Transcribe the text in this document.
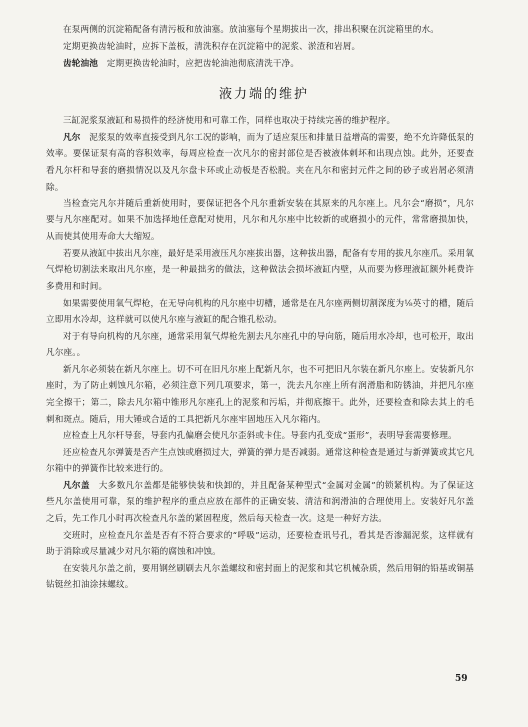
在泵两侧的沉淀箱配备有清污板和放油塞。放油塞每个星期拔出一次，排出积聚在沉淀箱里的水。

定期更换齿轮油时，应拆下盖板，清洗积存在沉淀箱中的泥浆、淤渣和岩屑。

齿轮油池　 定期更换齿轮油时，应把齿轮油池彻底清洗干净。

液力端的维护

三缸泥浆泵液缸和易损件的经济使用和可靠工作，同样也取决于持续完善的维护程序。

凡尔　 泥浆泵的效率直接受到凡尔工况的影响，而为了适应泵压和排量日益增高的需要，绝不允许降低泵的效率。要保证泵有高的容积效率，每周应检查一次凡尔的密封部位是否被液体剌坏和出现点蚀。此外，还要查看凡尔杆和导套的磨损情况以及凡尔盘卡环或止动板是否松脱。夹在凡尔和密封元件之间的砂子或岩屑必须清除。

当检查完凡尔并随后重新使用时，要保证把各个凡尔重新安装在其原来的凡尔座上。凡尔会“磨损”，凡尔要与凡尔座配对。如果不加选择地任意配对使用，凡尔和凡尔座中比较新的或磨损小的元件，常常磨损加快，从而使其使用寿命大大缩短。

若要从液缸中拔出凡尔座，最好是采用液压凡尔座拔出器，这种拔出器，配备有专用的拔凡尔座爪。采用氧气焊枪切割法来取出凡尔座，是一种最拙劣的做法，这种做法会损坏液缸内壁，从而要为修理液缸额外耗费许多费用和时间。

如果需要使用氧气焊枪，在无导向机构的凡尔座中切槽，通常是在凡尔座两侧切割深度为⅛英寸的槽，随后立即用水冷却，这样就可以使凡尔座与液缸的配合锥孔松动。

对于有导向机构的凡尔座，通常采用氧气焊枪先割去凡尔座孔中的导向筋，随后用水冷却，也可松开，取出凡尔座。。

新凡尔必须装在新凡尔座上。切不可在旧凡尔座上配新凡尔，也不可把旧凡尔装在新凡尔座上。安装新凡尔座时，为了防止剌蚀凡尔箱，必须注意下列几项要求，第一，洗去凡尔座上所有润滑脂和防锈油，并把凡尔座完全擦干；第二，除去凡尔箱中锥形凡尔座孔上的泥浆和污垢，并彻底擦干。此外，还要检查和除去其上的毛刺和斑点。随后，用大锤或合适的工具把新凡尔座牢固地压入凡尔箱内。

应检查上凡尔杆导套，导套内孔偏磨会使凡尔歪斜或卡住。导套内孔变成“蛋形”，表明导套需要修理。

还应检查凡尔弹簧是否产生点蚀或磨损过大，弹簧的弹力是否减弱。通常这种检查是通过与新弹簧或其它凡尔箱中的弹簧作比较来进行的。

凡尔盖　 大多数凡尔盖都是能够快装和快卸的，并且配备某种型式“金属对金属”的锁紧机构。为了保证这些凡尔盖使用可靠，泵的维护程序的重点应放在部件的正确安装、清洁和润滑油的合理使用上。安装好凡尔盖之后，先工作几小时再次检查凡尔盖的紧固程度，然后每天检查一次。这是一种好方法。

交班时，应检查凡尔盖是否有不符合要求的“呼吸”运动，还要检查讯号孔，看其是否渗漏泥浆，这样就有助于消除或尽量减少对凡尔箱的腐蚀和冲蚀。

在安装凡尔盖之前，要用钢丝刷刷去凡尔盖螺纹和密封面上的泥浆和其它机械杂质，然后用铜的铅基或铜基钻铤丝扣油涂抹螺纹。

59
